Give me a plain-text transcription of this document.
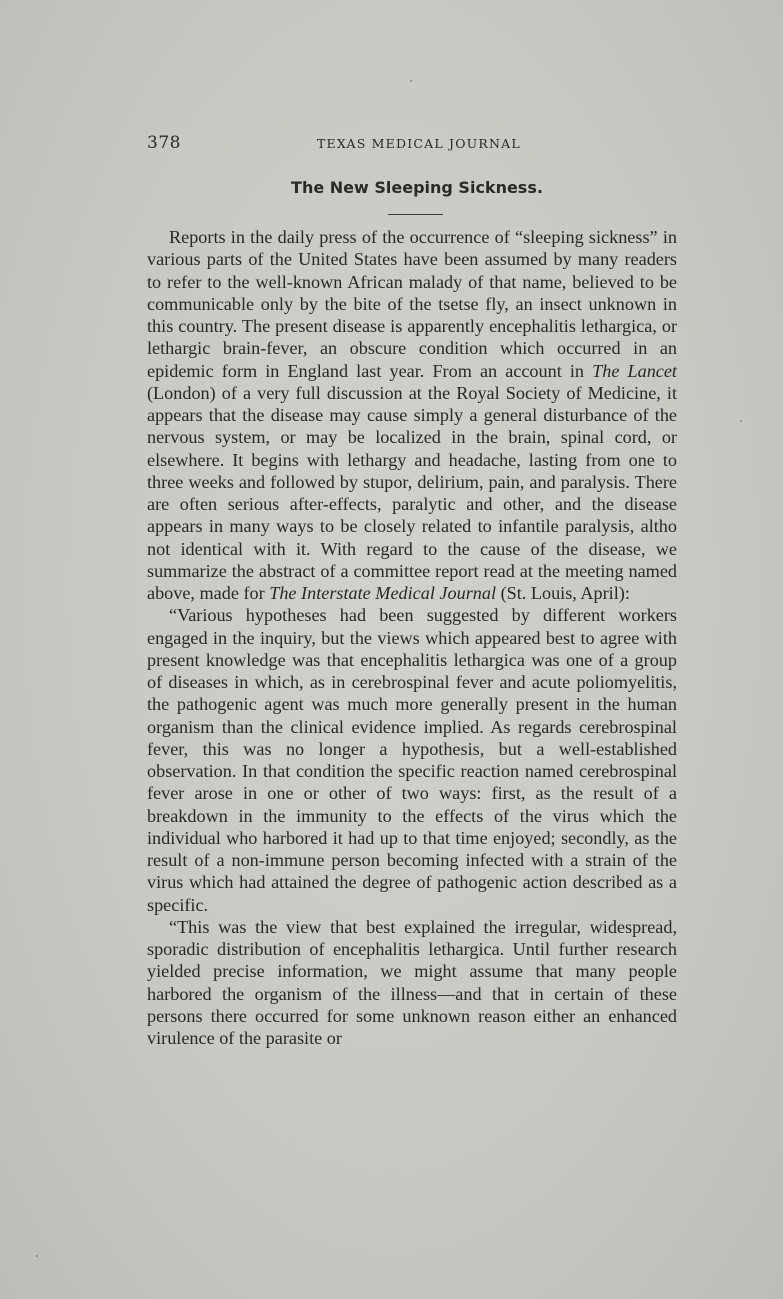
378	TEXAS MEDICAL JOURNAL
The New Sleeping Sickness.

Reports in the daily press of the occurrence of “sleeping sickness” in various parts of the United States have been assumed by many readers to refer to the well-known African malady of that name, believed to be communicable only by the bite of the tsetse fly, an insect unknown in this country. The present disease is apparently encephalitis lethargica, or lethargic brain-fever, an obscure condition which occurred in an epidemic form in England last year. From an account in The Lancet (London) of a very full discussion at the Royal Society of Medicine, it appears that the disease may cause simply a general disturbance of the nervous system, or may be localized in the brain, spinal cord, or elsewhere. It begins with lethargy and headache, lasting from one to three weeks and followed by stupor, delirium, pain, and paralysis. There are often serious after-effects, paralytic and other, and the disease appears in many ways to be closely related to infantile paralysis, altho not identical with it. With regard to the cause of the disease, we summarize the abstract of a committee report read at the meeting named above, made for The Interstate Medical Journal (St. Louis, April):

“Various hypotheses had been suggested by different workers engaged in the inquiry, but the views which appeared best to agree with present knowledge was that encephalitis lethargica was one of a group of diseases in which, as in cerebrospinal fever and acute poliomyelitis, the pathogenic agent was much more generally present in the human organism than the clinical evidence implied. As regards cerebrospinal fever, this was no longer a hypothesis, but a well-established observation. In that condition the specific reaction named cerebrospinal fever arose in one or other of two ways: first, as the result of a breakdown in the immunity to the effects of the virus which the individual who harbored it had up to that time enjoyed; secondly, as the result of a non-immune person becoming infected with a strain of the virus which had attained the degree of pathogenic action described as a specific.

“This was the view that best explained the irregular, widespread, sporadic distribution of encephalitis lethargica. Until further research yielded precise information, we might assume that many people harbored the organism of the illness—and that in certain of these persons there occurred for some unknown reason either an enhanced virulence of the parasite or
